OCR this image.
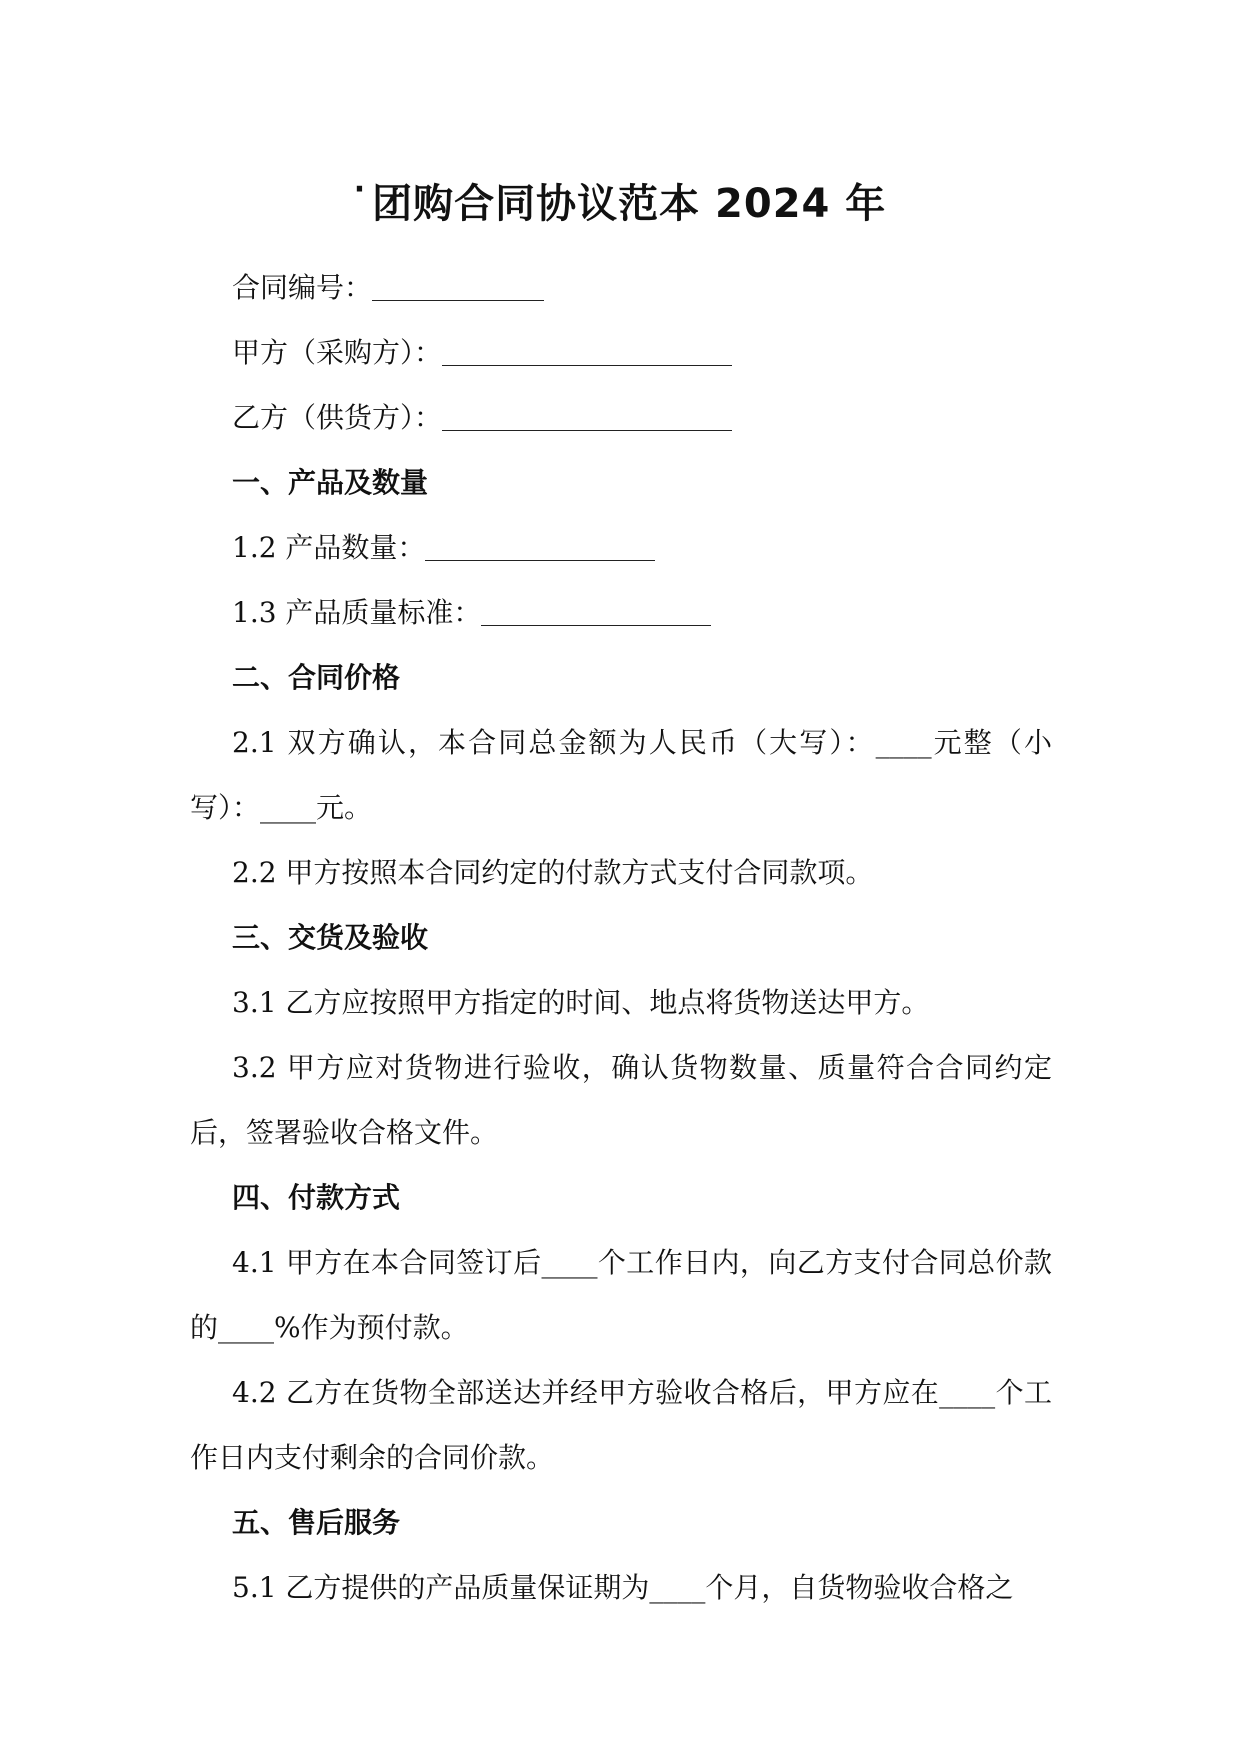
· 团购合同协议范本 2024 年

合同编号：

甲方（采购方）：

乙方（供货方）：

一、产品及数量

1.2 产品数量：

1.3 产品质量标准：

二、合同价格

2.1 双方确认，本合同总金额为人民币（大写）：____元整（小写）：____元。

2.2 甲方按照本合同约定的付款方式支付合同款项。

三、交货及验收

3.1 乙方应按照甲方指定的时间、地点将货物送达甲方。

3.2 甲方应对货物进行验收，确认货物数量、质量符合合同约定后，签署验收合格文件。

四、付款方式

4.1 甲方在本合同签订后____个工作日内，向乙方支付合同总价款的____%作为预付款。

4.2 乙方在货物全部送达并经甲方验收合格后，甲方应在____个工作日内支付剩余的合同价款。

五、售后服务

5.1 乙方提供的产品质量保证期为____个月，自货物验收合格之
